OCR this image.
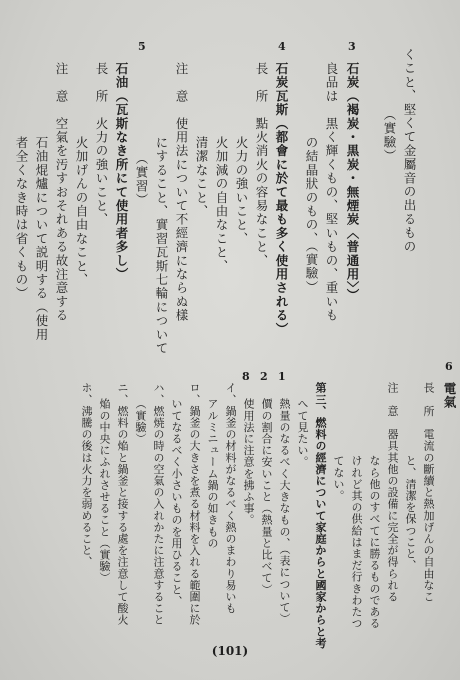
くこと、堅くて金屬音の出るもの
（實驗）
3
石炭（褐炭・黒炭・無煙炭〈普通用〉）
良品は　黒く輝くもの、堅いもの、重いも
の結晶狀のもの、（實驗）
4
石炭瓦斯（都會に於て最も多く使用される）
長　所　點火消火の容易なこと、
火力の強いこと、
火加減の自由なこと、
清潔なこと、
注　意　使用法について不經濟にならぬ樣
にすること、實習瓦斯七輪について
（實習）
5
石油（瓦斯なき所にて使用者多し）
長　所　火力の強いこと、
火加げんの自由なこと、
注　意　空氣を汚すおそれある故注意する
石油焜爐について説明する（使用
者全くなき時は省くもの）
6
電氣
長　所　電流の斷續と熱加げんの自由なこ
と、清潔を保つこと、
注　意　器具其他の設備に完全が得られる
なら他のすべてに勝るものである
けれど其の供給はまだ行きわたつ
てない。
第三、燃料の經濟について家庭からと國家からと考
へて見たい。
1
熱量のなるべく大きなもの、（表について）
2
價の割合に安いこと（熱量と比べて）
8
使用法に注意を拂ふ事。
イ、鍋釜の材料がなるべく熱のまわり易いも
アルミニューム鍋の如きもの
ロ、鍋釜の大きさを煮る材料を入れる範圍に於
いてなるべく小さいものを用ひること、
ハ、燃焼の時の空氣の入れかたに注意すること
（實驗）
ニ、燃料の焔と鍋釜と接する處を注意して酸火
焔の中央にふれさせること（實驗）
ホ、沸騰の後は火力を弱めること、
(101)
